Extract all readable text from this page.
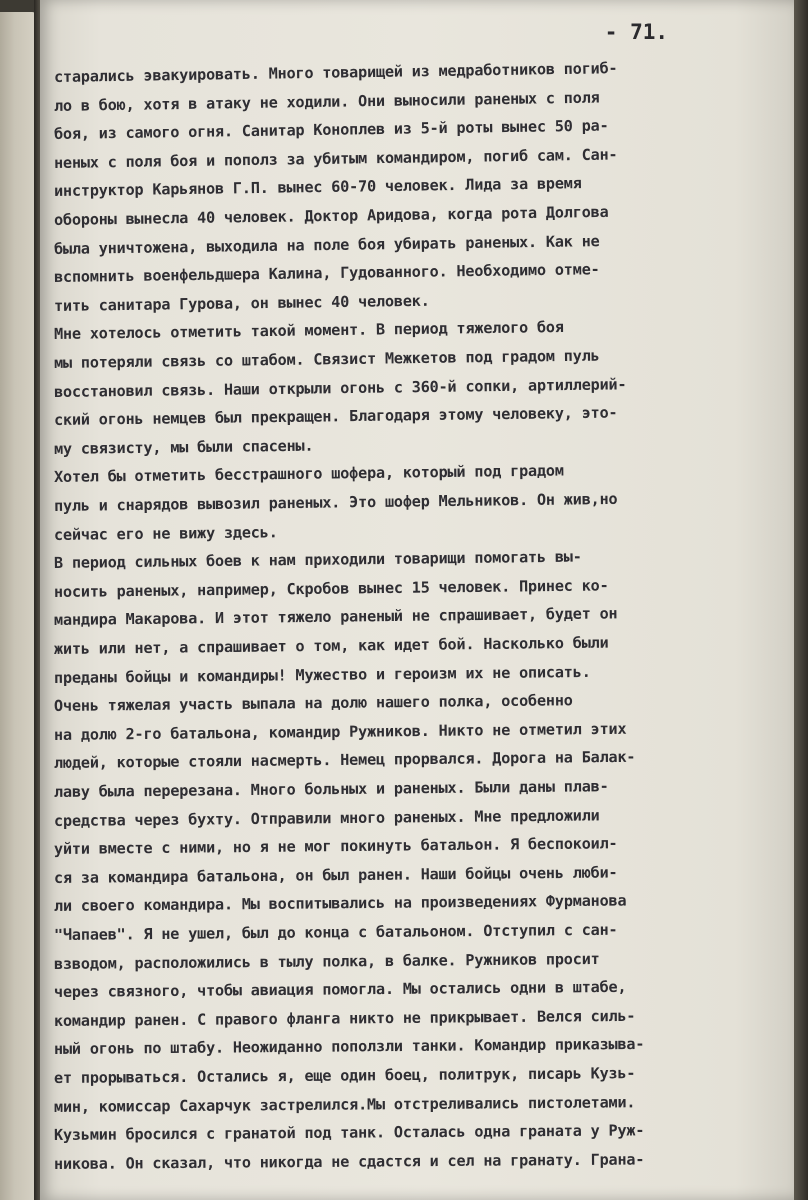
- 71.
старались эвакуировать. Много товарищей из медработников погиб-
ло в бою, хотя в атаку не ходили. Они выносили раненых с поля
боя, из самого огня. Санитар Коноплев из 5-й роты вынес 50 ра-
неных с поля боя и пополз за убитым командиром, погиб сам. Сан-
инструктор Карьянов Г.П. вынес 60-70 человек. Лида за время
обороны вынесла 40 человек. Доктор Аридова, когда рота Долгова
была уничтожена, выходила на поле боя убирать раненых. Как не
вспомнить военфельдшера Калина, Гудованного. Необходимо отме-
тить санитара Гурова, он вынес 40 человек.
Мне хотелось отметить такой момент. В период тяжелого боя
мы потеряли связь со штабом. Связист Межкетов под градом пуль
восстановил связь. Наши открыли огонь с 360-й сопки, артиллерий-
ский огонь немцев был прекращен. Благодаря этому человеку, это-
му связисту, мы были спасены.
Хотел бы отметить бесстрашного шофера, который под градом
пуль и снарядов вывозил раненых. Это шофер Мельников. Он жив,но
сейчас его не вижу здесь.
В период сильных боев к нам приходили товарищи помогать вы-
носить раненых, например, Скробов вынес 15 человек. Принес ко-
мандира Макарова. И этот тяжело раненый не спрашивает, будет он
жить или нет, а спрашивает о том, как идет бой. Насколько были
преданы бойцы и командиры! Мужество и героизм их не описать.
Очень тяжелая участь выпала на долю нашего полка, особенно
на долю 2-го батальона, командир Ружников. Никто не отметил этих
людей, которые стояли насмерть. Немец прорвался. Дорога на Балак-
лаву была перерезана. Много больных и раненых. Были даны плав-
средства через бухту. Отправили много раненых. Мне предложили
уйти вместе с ними, но я не мог покинуть батальон. Я беспокоил-
ся за командира батальона, он был ранен. Наши бойцы очень люби-
ли своего командира. Мы воспитывались на произведениях Фурманова
"Чапаев". Я не ушел, был до конца с батальоном. Отступил с сан-
взводом, расположились в тылу полка, в балке. Ружников просит
через связного, чтобы авиация помогла. Мы остались одни в штабе,
командир ранен. С правого фланга никто не прикрывает. Велся силь-
ный огонь по штабу. Неожиданно поползли танки. Командир приказыва-
ет прорываться. Остались я, еще один боец, политрук, писарь Кузь-
мин, комиссар Сахарчук застрелился.Мы отстреливались пистолетами.
Кузьмин бросился с гранатой под танк. Осталась одна граната у Руж-
никова. Он сказал, что никогда не сдастся и сел на гранату. Грана-
